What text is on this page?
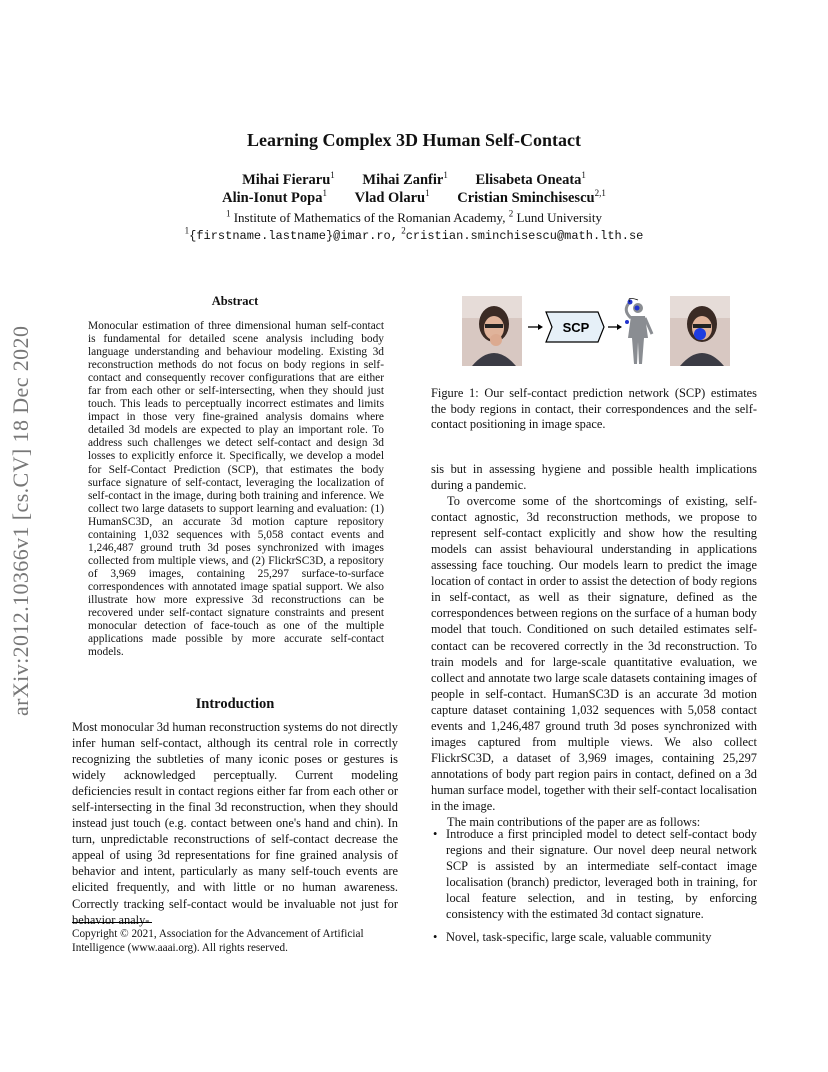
arXiv:2012.10366v1 [cs.CV] 18 Dec 2020
Learning Complex 3D Human Self-Contact
Mihai Fieraru$^1$ Mihai Zanfir$^1$ Elisabeta Oneata$^1$
Alin-Ionut Popa$^1$ Vlad Olaru$^1$ Cristian Sminchisescu$^{2,1}$
$^1$ Institute of Mathematics of the Romanian Academy, $^2$ Lund University
$^1${firstname.lastname}@imar.ro, $^2$cristian.sminchisescu@math.lth.se
Abstract
Monocular estimation of three dimensional human self-contact is fundamental for detailed scene analysis including body language understanding and behaviour modeling. Existing 3d reconstruction methods do not focus on body regions in self-contact and consequently recover configurations that are either far from each other or self-intersecting, when they should just touch. This leads to perceptually incorrect estimates and limits impact in those very fine-grained analysis domains where detailed 3d models are expected to play an important role. To address such challenges we detect self-contact and design 3d losses to explicitly enforce it. Specifically, we develop a model for Self-Contact Prediction (SCP), that estimates the body surface signature of self-contact, leveraging the localization of self-contact in the image, during both training and inference. We collect two large datasets to support learning and evaluation: (1) HumanSC3D, an accurate 3d motion capture repository containing 1,032 sequences with 5,058 contact events and 1,246,487 ground truth 3d poses synchronized with images collected from multiple views, and (2) FlickrSC3D, a repository of 3,969 images, containing 25,297 surface-to-surface correspondences with annotated image spatial support. We also illustrate how more expressive 3d reconstructions can be recovered under self-contact signature constraints and present monocular detection of face-touch as one of the multiple applications made possible by more accurate self-contact models.
Introduction

Most monocular 3d human reconstruction systems do not directly infer human self-contact, although its central role in correctly recognizing the subtleties of many iconic poses or gestures is widely acknowledged perceptually. Current modeling deficiencies result in contact regions either far from each other or self-intersecting in the final 3d reconstruction, when they should instead just touch (e.g. contact between one's hand and chin). In turn, unpredictable reconstructions of self-contact decrease the appeal of using 3d representations for fine grained analysis of behavior and intent, particularly as many self-touch events are elicited frequently, and with little or no human awareness. Correctly tracking self-contact would be invaluable not just for behavior analy-

Copyright © 2021, Association for the Advancement of Artificial Intelligence (www.aaai.org). All rights reserved.
SCP
Figure 1: Our self-contact prediction network (SCP) estimates the body regions in contact, their correspondences and the self-contact positioning in image space.

sis but in assessing hygiene and possible health implications during a pandemic.

To overcome some of the shortcomings of existing, self-contact agnostic, 3d reconstruction methods, we propose to represent self-contact explicitly and show how the resulting models can assist behavioural understanding in applications assessing face touching. Our models learn to predict the image location of contact in order to assist the detection of body regions in self-contact, as well as their signature, defined as the correspondences between regions on the surface of a human body model that touch. Conditioned on such detailed estimates self-contact can be recovered correctly in the 3d reconstruction. To train models and for large-scale quantitative evaluation, we collect and annotate two large scale datasets containing images of people in self-contact. HumanSC3D is an accurate 3d motion capture dataset containing 1,032 sequences with 5,058 contact events and 1,246,487 ground truth 3d poses synchronized with images captured from multiple views. We also collect FlickrSC3D, a dataset of 3,969 images, containing 25,297 annotations of body part region pairs in contact, defined on a 3d human surface model, together with their self-contact localisation in the image.

The main contributions of the paper are as follows:

• Introduce a first principled model to detect self-contact body regions and their signature. Our novel deep neural network SCP is assisted by an intermediate self-contact image localisation (branch) predictor, leveraged both in training, for local feature selection, and in testing, by enforcing consistency with the estimated 3d contact signature.
• Novel, task-specific, large scale, valuable community
